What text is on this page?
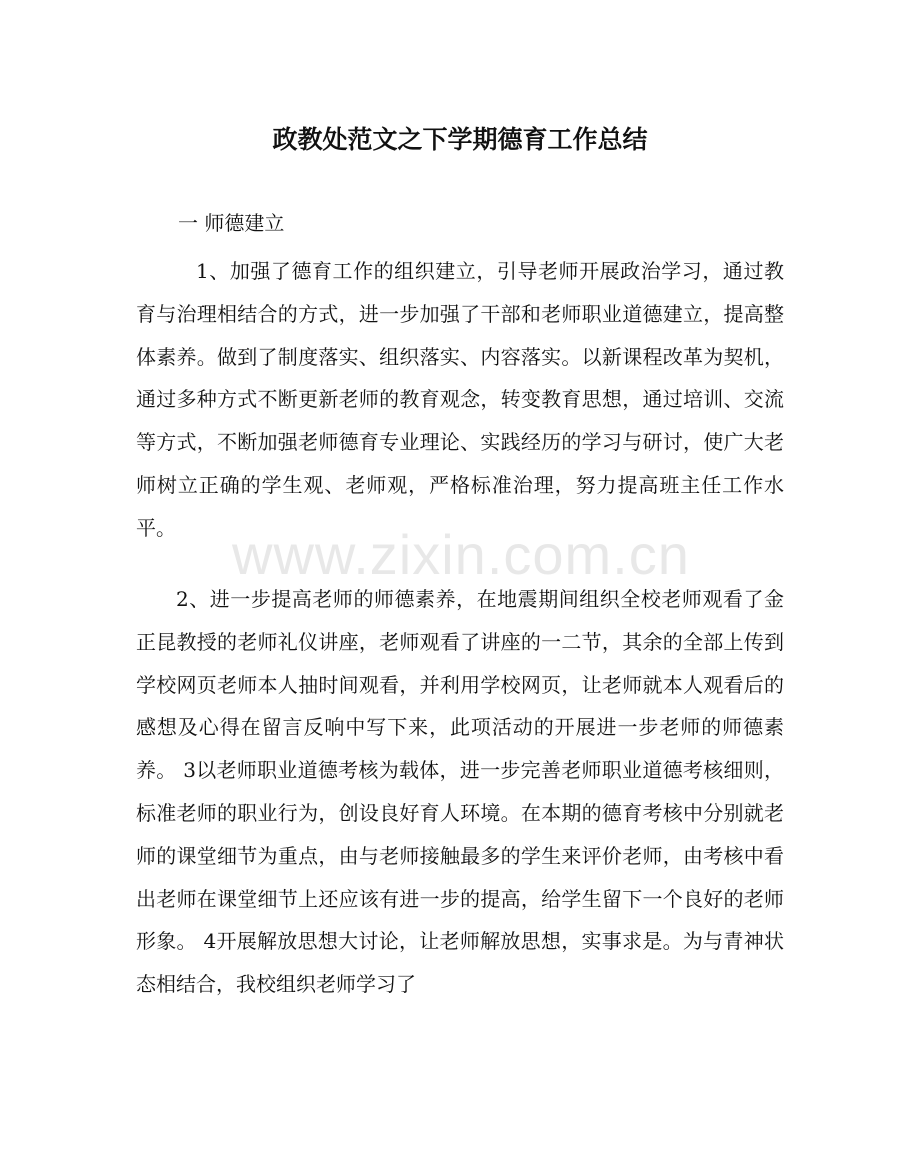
政教处范文之下学期德育工作总结
一 师德建立

1、加强了德育工作的组织建立，引导老师开展政治学习，通过教育与治理相结合的方式，进一步加强了干部和老师职业道德建立，提高整体素养。做到了制度落实、组织落实、内容落实。以新课程改革为契机，通过多种方式不断更新老师的教育观念，转变教育思想，通过培训、交流等方式，不断加强老师德育专业理论、实践经历的学习与研讨，使广大老师树立正确的学生观、老师观，严格标准治理，努力提高班主任工作水平。

2、进一步提高老师的师德素养，在地震期间组织全校老师观看了金正昆教授的老师礼仪讲座，老师观看了讲座的一二节，其余的全部上传到学校网页老师本人抽时间观看，并利用学校网页，让老师就本人观看后的感想及心得在留言反响中写下来，此项活动的开展进一步老师的师德素养。 3以老师职业道德考核为载体，进一步完善老师职业道德考核细则，标准老师的职业行为，创设良好育人环境。在本期的德育考核中分别就老师的课堂细节为重点，由与老师接触最多的学生来评价老师，由考核中看出老师在课堂细节上还应该有进一步的提高，给学生留下一个良好的老师形象。 4开展解放思想大讨论，让老师解放思想，实事求是。为与青神状态相结合，我校组织老师学习了

www.zixin.com.cn
